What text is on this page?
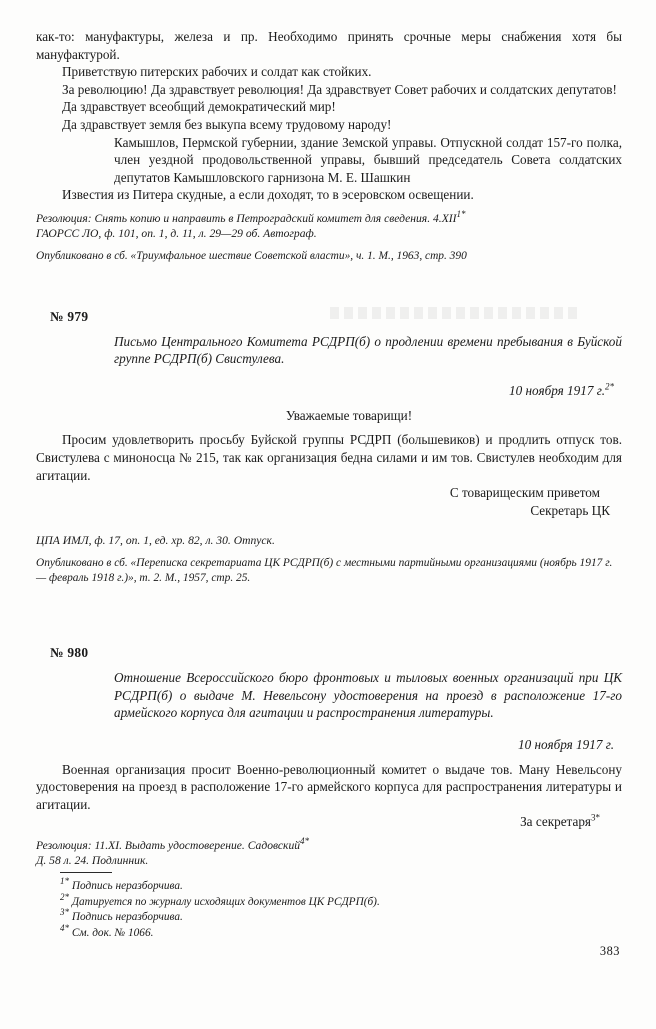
как-то: мануфактуры, железа и пр. Необходимо принять срочные меры снабжения хотя бы мануфактурой.

Приветствую питерских рабочих и солдат как стойких.

За революцию! Да здравствует революция! Да здравствует Совет рабочих и солдатских депутатов!

Да здравствует всеобщий демократический мир!

Да здравствует земля без выкупа всему трудовому народу!

Камышлов, Пермской губернии, здание Земской управы. Отпускной солдат 157-го полка, член уездной продовольственной управы, бывший председатель Совета солдатских депутатов Камышловского гарнизона М. Е. Шашкин

Известия из Питера скудные, а если доходят, то в эсеровском освещении.

Резолюция: Снять копию и направить в Петроградский комитет для сведения. $4.XII^{1*}$

ГАОРСС ЛО, ф. 101, оп. 1, д. 11, л. 29—29 об. Автограф.

Опубликовано в сб. «Триумфальное шествие Советской власти», ч. 1. М., 1963, стр. 390

№ 979

Письмо Центрального Комитета РСДРП(б) о продлении времени пребывания в Буйской группе РСДРП(б) Свистулева.

10 ноября 1917 г.$^{2*}$

Уважаемые товарищи!

Просим удовлетворить просьбу Буйской группы РСДРП (большевиков) и продлить отпуск тов. Свистулева с миноносца № 215, так как организация бедна силами и им тов. Свистулев необходим для агитации.

С товарищеским приветом

Секретарь ЦК

ЦПА ИМЛ, ф. 17, оп. 1, ед. хр. 82, л. 30. Отпуск.

Опубликовано в сб. «Переписка секретариата ЦК РСДРП(б) с местными партийными организациями (ноябрь 1917 г.— февраль 1918 г.)», т. 2. М., 1957, стр. 25.

№ 980

Отношение Всероссийского бюро фронтовых и тыловых военных организаций при ЦК РСДРП(б) о выдаче М. Невельсону удостоверения на проезд в расположение 17-го армейского корпуса для агитации и распространения литературы.

10 ноября 1917 г.

Военная организация просит Военно-революционный комитет о выдаче тов. Ману Невельсону удостоверения на проезд в расположение 17-го армейского корпуса для распространения литературы и агитации.

За секретаря$^{3*}$

Резолюция: 11.XI. Выдать удостоверение. Садовский$^{4*}$

Д. 58 л. 24. Подлинник.

$^{1*}$ Подпись неразборчива.

$^{2*}$ Датируется по журналу исходящих документов ЦК РСДРП(б).

$^{3*}$ Подпись неразборчива.

$^{4*}$ См. док. № 1066.

383
